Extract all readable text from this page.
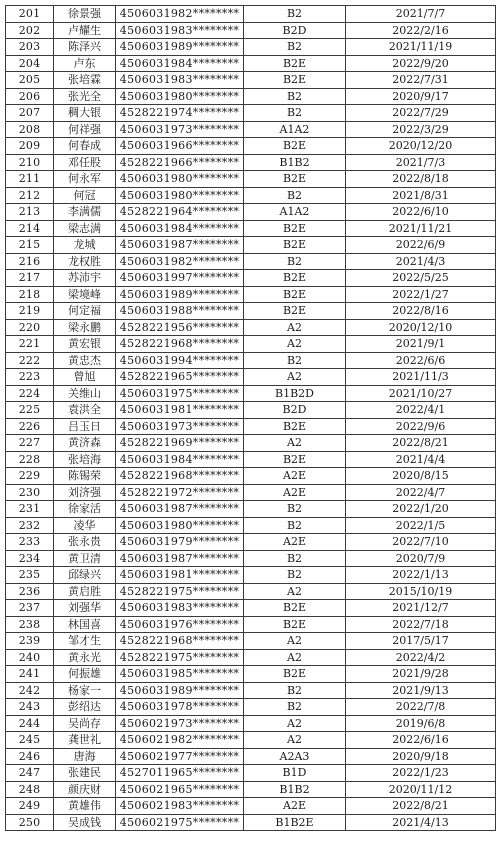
201	徐景强	4506031982********	B2	2021/7/7
202	卢耀生	4506031983********	B2D	2022/2/16
203	陈泽兴	4506031989********	B2	2021/11/19
204	卢东	4506031984********	B2E	2022/9/20
205	张培霖	4506031983********	B2E	2022/7/31
206	张光全	4506031980********	B2	2020/9/17
207	稠大银	4528221974********	B2	2022/7/29
208	何祥强	4506031973********	A1A2	2022/3/29
209	何春成	4506031966********	B2E	2020/12/20
210	邓任股	4528221966********	B1B2	2021/7/3
211	何永军	4506031980********	B2E	2022/8/18
212	何冠	4506031980********	B2	2021/8/31
213	李满儒	4528221964********	A1A2	2022/6/10
214	梁志满	4506031984********	B2E	2021/11/21
215	龙城	4506031987********	B2E	2022/6/9
216	龙权胜	4506031982********	B2	2021/4/3
217	苏沛宇	4506031997********	B2E	2022/5/25
218	梁境峰	4506031989********	B2E	2022/1/27
219	何定福	4506031988********	B2E	2022/8/16
220	梁永鹏	4528221956********	A2	2020/12/10
221	黄宏银	4528221968********	A2	2021/9/1
222	黄忠杰	4506031994********	B2	2022/6/6
223	曾旭	4528221965********	A2	2021/11/3
224	关维山	4506031975********	B1B2D	2021/10/27
225	袁洪全	4506031981********	B2D	2022/4/1
226	吕玉日	4506031973********	B2E	2022/9/6
227	黄济森	4528221969********	A2	2022/8/21
228	张培海	4506031984********	B2E	2021/4/4
229	陈锡荣	4528221968********	A2E	2020/8/15
230	刘济强	4528221972********	A2E	2022/4/7
231	徐家活	4506031987********	B2	2022/1/20
232	凌华	4506031980********	B2	2022/1/5
233	张永贵	4506031979********	A2E	2022/7/10
234	黄卫清	4506031987********	B2	2020/7/9
235	邱绿兴	4506031981********	B2	2022/1/13
236	黄启胜	4528221975********	A2	2015/10/19
237	刘强华	4506031983********	B2E	2021/12/7
238	林国喜	4506031976********	B2E	2022/7/18
239	邹才生	4528221968********	A2	2017/5/17
240	黄永光	4528221975********	A2	2022/4/2
241	何振雄	4506031985********	B2E	2021/9/28
242	杨家一	4506031989********	B2	2021/9/13
243	彭绍达	4506031978********	B2	2022/7/8
244	吴尚存	4506021973********	A2	2019/6/8
245	龚世礼	4506021982********	A2	2022/6/16
246	唐海	4506021977********	A2A3	2020/9/18
247	张建民	4527011965********	B1D	2022/1/23
248	颜庆财	4506021965********	B1B2	2020/11/12
249	黄雄伟	4506021983********	A2E	2022/8/21
250	吴成钱	4506021975********	B1B2E	2021/4/13
